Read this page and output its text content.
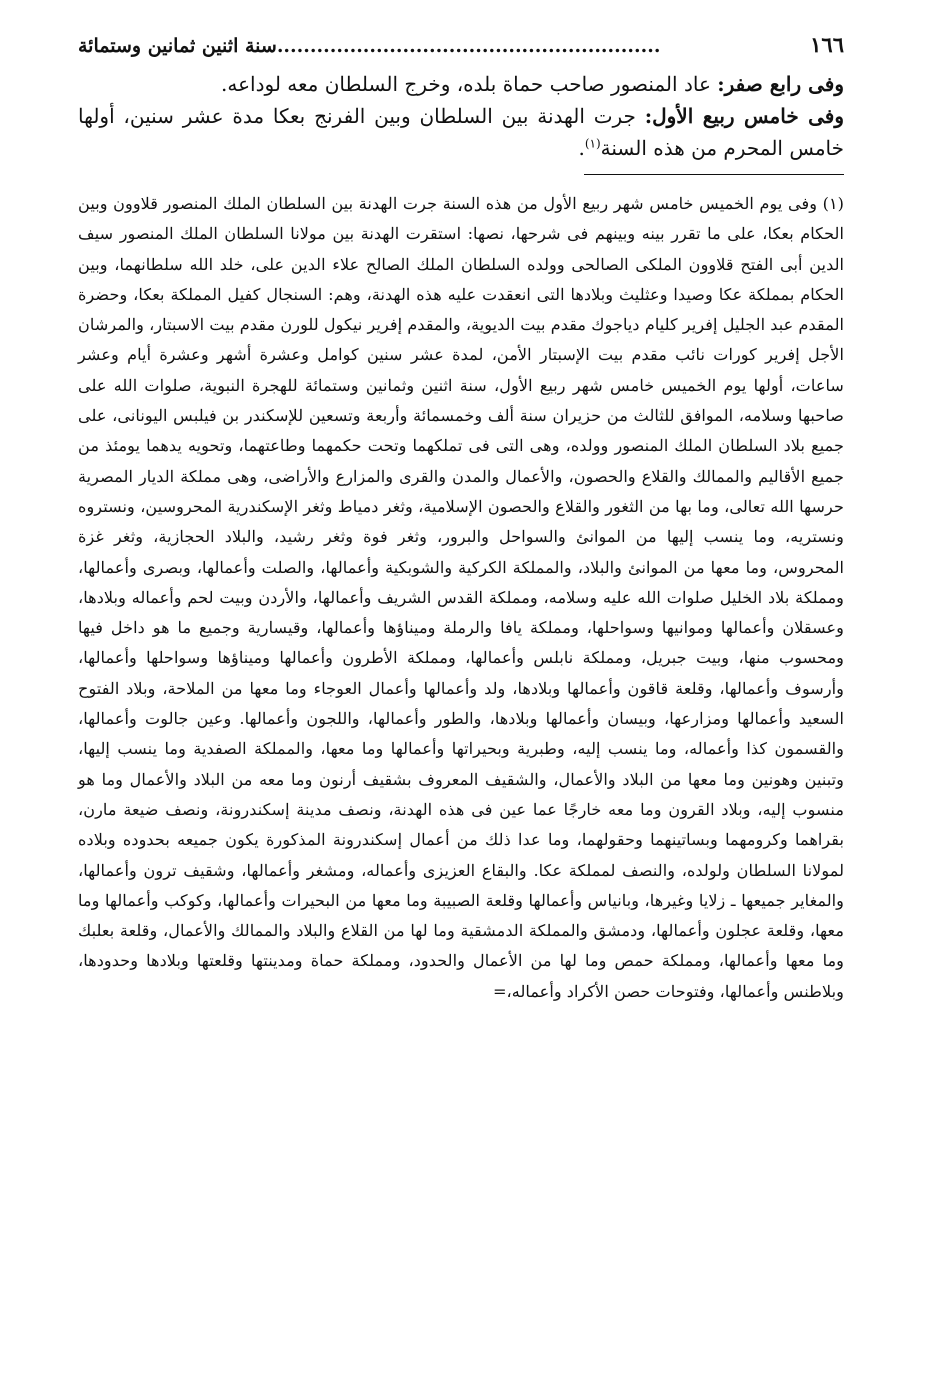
١٦٦
..........................................................سنة اثنين ثمانين وستمائة

وفى رابع صفر: عاد المنصور صاحب حماة بلده، وخرج السلطان معه لوداعه.

وفى خامس ربيع الأول: جرت الهدنة بين السلطان وبين الفرنج بعكا مدة عشر سنين، أولها خامس المحرم من هذه السنة$^{(١)}$.

(١) وفى يوم الخميس خامس شهر ربيع الأول من هذه السنة جرت الهدنة بين السلطان الملك المنصور قلاوون وبين الحكام بعكا، على ما تقرر بينه وبينهم فى شرحها، نصها: استقرت الهدنة بين مولانا السلطان الملك المنصور سيف الدين أبى الفتح قلاوون الملكى الصالحى وولده السلطان الملك الصالح علاء الدين على، خلد الله سلطانهما، وبين الحكام بمملكة عكا وصيدا وعثليث وبلادها التى انعقدت عليه هذه الهدنة، وهم: السنجال كفيل المملكة بعكا، وحضرة المقدم عبد الجليل إفرير كليام دياجوك مقدم بيت الديوية، والمقدم إفرير نيكول للورن مقدم بيت الاسبتار، والمرشان الأجل إفرير كورات نائب مقدم بيت الإسبتار الأمن، لمدة عشر سنين كوامل وعشرة أشهر وعشرة أيام وعشر ساعات، أولها يوم الخميس خامس شهر ربيع الأول، سنة اثنين وثمانين وستمائة للهجرة النبوية، صلوات الله على صاحبها وسلامه، الموافق للثالث من حزيران سنة ألف وخمسمائة وأربعة وتسعين للإسكندر بن فيلبس اليونانى، على جميع بلاد السلطان الملك المنصور وولده، وهى التى فى تملكهما وتحت حكمهما وطاعتهما، وتحويه يدهما يومئذ من جميع الأقاليم والممالك والقلاع والحصون، والأعمال والمدن والقرى والمزارع والأراضى، وهى مملكة الديار المصرية حرسها الله تعالى، وما بها من الثغور والقلاع والحصون الإسلامية، وثغر دمياط وثغر الإسكندرية المحروسين، ونستروه ونستريه، وما ينسب إليها من الموانئ والسواحل والبرور، وثغر فوة وثغر رشيد، والبلاد الحجازية، وثغر غزة المحروس، وما معها من الموانئ والبلاد، والمملكة الكركية والشوبكية وأعمالها، والصلت وأعمالها، وبصرى وأعمالها، ومملكة بلاد الخليل صلوات الله عليه وسلامه، ومملكة القدس الشريف وأعمالها، والأردن وبيت لحم وأعماله وبلادها، وعسقلان وأعمالها وموانيها وسواحلها، ومملكة يافا والرملة وميناؤها وأعمالها، وقيسارية وجميع ما هو داخل فيها ومحسوب منها، وبيت جبريل، ومملكة نابلس وأعمالها، ومملكة الأطرون وأعمالها وميناؤها وسواحلها وأعمالها، وأرسوف وأعمالها، وقلعة قاقون وأعمالها وبلادها، ولد وأعمالها وأعمال العوجاء وما معها من الملاحة، وبلاد الفتوح السعيد وأعمالها ومزارعها، وبيسان وأعمالها وبلادها، والطور وأعمالها، واللجون وأعمالها. وعين جالوت وأعمالها، والقسمون كذا وأعماله، وما ينسب إليه، وطبرية وبحيراتها وأعمالها وما معها، والمملكة الصفدية وما ينسب إليها، وتبنين وهونين وما معها من البلاد والأعمال، والشقيف المعروف بشقيف أرنون وما معه من البلاد والأعمال وما هو منسوب إليه، وبلاد القرون وما معه خارجًا عما عين فى هذه الهدنة، ونصف مدينة إسكندرونة، ونصف ضيعة مارن، بقراهما وكرومهما وبساتينهما وحقولهما، وما عدا ذلك من أعمال إسكندرونة المذكورة يكون جميعه بحدوده وبلاده لمولانا السلطان ولولده، والنصف لمملكة عكا. والبقاع العزيزى وأعماله، ومشغر وأعمالها، وشقيف ترون وأعمالها، والمغاير جميعها ـ زلايا وغيرها، وبانياس وأعمالها وقلعة الصبيبة وما معها من البحيرات وأعمالها، وكوكب وأعمالها وما معها، وقلعة عجلون وأعمالها، ودمشق والمملكة الدمشقية وما لها من القلاع والبلاد والممالك والأعمال، وقلعة بعلبك وما معها وأعمالها، ومملكة حمص وما لها من الأعمال والحدود، ومملكة حماة ومدينتها وقلعتها وبلادها وحدودها، وبلاطنس وأعمالها، وفتوحات حصن الأكراد وأعماله،=
